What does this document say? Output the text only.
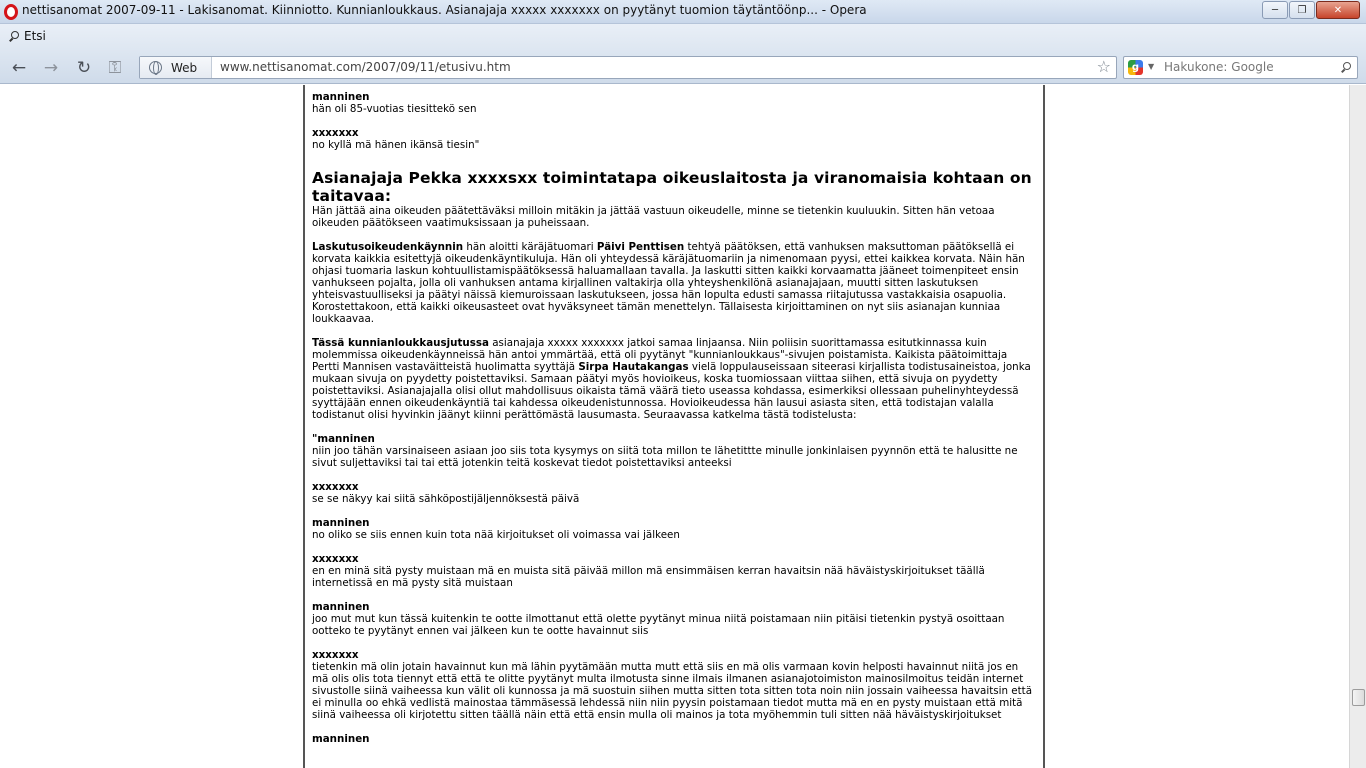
nettisanomat 2007-09-11 - Lakisanomat. Kiinniotto. Kunnianloukkaus. Asianajaja xxxxx xxxxxxx on pyytänyt tuomion täytäntöönp... - Opera	─	❐	✕
Etsi
← → ↻ ⚿	Web www.nettisanomat.com/2007/09/11/etusivu.htm	☆	g	▼ Hakukone: Google

manninen
hän oli 85-vuotias tiesittekö sen

xxxxxxx
no kyllä mä hänen ikänsä tiesin"

Asianajaja Pekka xxxxsxx toimintatapa oikeuslaitosta ja viranomaisia kohtaan on taitavaa:

Hän jättää aina oikeuden päätettäväksi milloin mitäkin ja jättää vastuun oikeudelle, minne se tietenkin kuuluukin. Sitten hän vetoaa oikeuden päätökseen vaatimuksissaan ja puheissaan.

Laskutusoikeudenkäynnin hän aloitti käräjätuomari Päivi Penttisen tehtyä päätöksen, että vanhuksen maksuttoman päätöksellä ei korvata kaikkia esitettyjä oikeudenkäyntikuluja. Hän oli yhteydessä käräjätuomariin ja nimenomaan pyysi, ettei kaikkea korvata. Näin hän ohjasi tuomaria laskun kohtuullistamispäätöksessä haluamallaan tavalla. Ja laskutti sitten kaikki korvaamatta jääneet toimenpiteet ensin vanhukseen pojalta, jolla oli vanhuksen antama kirjallinen valtakirja olla yhteyshenkilönä asianajajaan, muutti sitten laskutuksen yhteisvastuulliseksi ja päätyi näissä kiemuroissaan laskutukseen, jossa hän lopulta edusti samassa riitajutussa vastakkaisia osapuolia. Korostettakoon, että kaikki oikeusasteet ovat hyväksyneet tämän menettelyn. Tällaisesta kirjoittaminen on nyt siis asianajan kunniaa loukkaavaa.

Tässä kunnianloukkausjutussa asianajaja xxxxx xxxxxxx jatkoi samaa linjaansa. Niin poliisin suorittamassa esitutkinnassa kuin molemmissa oikeudenkäynneissä hän antoi ymmärtää, että oli pyytänyt "kunnianloukkaus"-sivujen poistamista. Kaikista päätoimittaja Pertti Mannisen vastaväitteistä huolimatta syyttäjä Sirpa Hautakangas vielä loppulauseissaan siteerasi kirjallista todistusaineistoa, jonka mukaan sivuja on pyydetty poistettaviksi. Samaan päätyi myös hovioikeus, koska tuomiossaan viittaa siihen, että sivuja on pyydetty poistettaviksi. Asianajajalla olisi ollut mahdollisuus oikaista tämä väärä tieto useassa kohdassa, esimerkiksi ollessaan puhelinyhteydessä syyttäjään ennen oikeudenkäyntiä tai kahdessa oikeudenistunnossa. Hovioikeudessa hän lausui asiasta siten, että todistajan valalla todistanut olisi hyvinkin jäänyt kiinni perättömästä lausumasta. Seuraavassa katkelma tästä todistelusta:

"manninen
niin joo tähän varsinaiseen asiaan joo siis tota kysymys on siitä tota millon te lähetittte minulle jonkinlaisen pyynnön että te halusitte ne sivut suljettaviksi tai tai että jotenkin teitä koskevat tiedot poistettaviksi anteeksi

xxxxxxx
se se näkyy kai siitä sähköpostijäljennöksestä päivä

manninen
no oliko se siis ennen kuin tota nää kirjoitukset oli voimassa vai jälkeen

xxxxxxx
en en minä sitä pysty muistaan mä en muista sitä päivää millon mä ensimmäisen kerran havaitsin nää häväistyskirjoitukset täällä internetissä en mä pysty sitä muistaan

manninen
joo mut mut kun tässä kuitenkin te ootte ilmottanut että olette pyytänyt minua niitä poistamaan niin pitäisi tietenkin pystyä osoittaan ootteko te pyytänyt ennen vai jälkeen kun te ootte havainnut siis

xxxxxxx
tietenkin mä olin jotain havainnut kun mä lähin pyytämään mutta mutt että siis en mä olis varmaan kovin helposti havainnut niitä jos en mä olis olis tota tiennyt että että te olitte pyytänyt multa ilmotusta sinne ilmais ilmanen asianajotoimiston mainosilmoitus teidän internet sivustolle siinä vaiheessa kun välit oli kunnossa ja mä suostuin siihen mutta sitten tota sitten tota noin niin jossain vaiheessa havaitsin että ei minulla oo ehkä vedlistä mainostaa tämmäsessä lehdessä niin niin pyysin poistamaan tiedot mutta mä en en pysty muistaan että mitä siinä vaiheessa oli kirjotettu sitten täällä näin että että ensin mulla oli mainos ja tota myöhemmin tuli sitten nää häväistyskirjoitukset

manninen
